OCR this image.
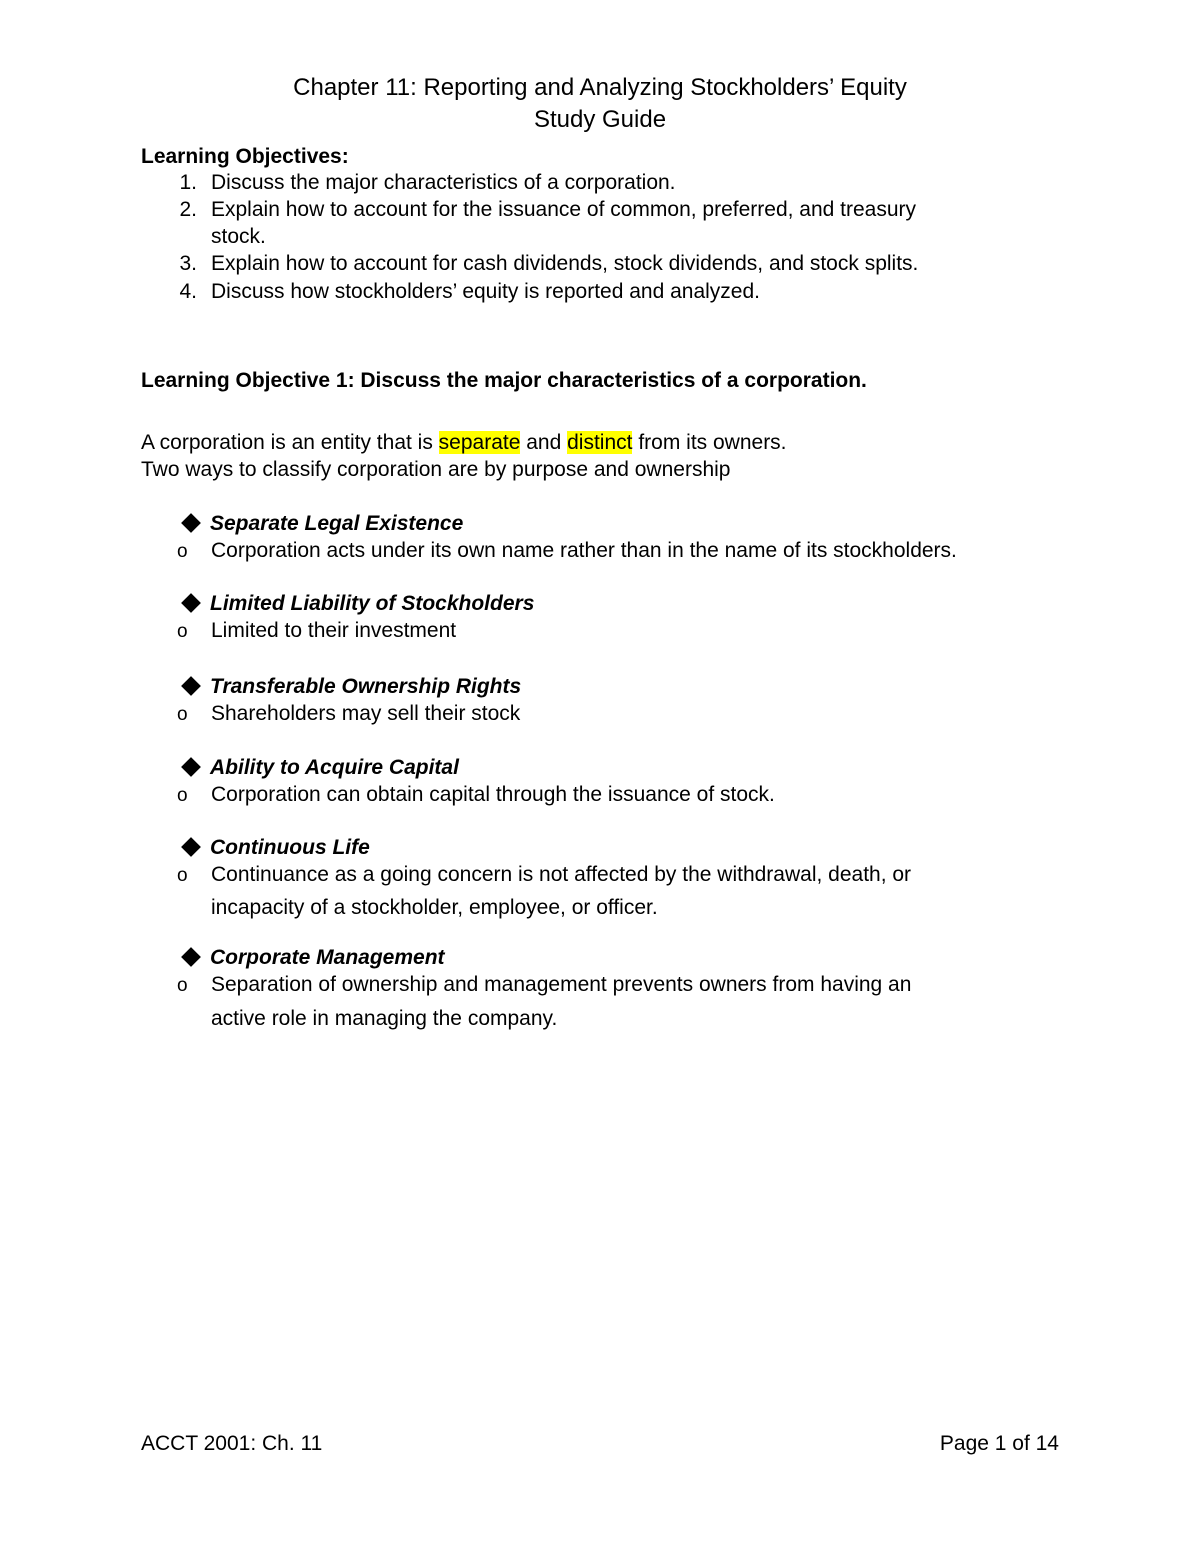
Chapter 11: Reporting and Analyzing Stockholders’ Equity
Study Guide
Learning Objectives:
1. Discuss the major characteristics of a corporation.
2. Explain how to account for the issuance of common, preferred, and treasury
stock.
3. Explain how to account for cash dividends, stock dividends, and stock splits.
4. Discuss how stockholders’ equity is reported and analyzed.
Learning Objective 1: Discuss the major characteristics of a corporation.
A corporation is an entity that is separate and distinct from its owners.
Two ways to classify corporation are by purpose and ownership
Separate Legal Existence
o Corporation acts under its own name rather than in the name of its stockholders.
Limited Liability of Stockholders
o Limited to their investment
Transferable Ownership Rights
o Shareholders may sell their stock
Ability to Acquire Capital
o Corporation can obtain capital through the issuance of stock.
Continuous Life
o Continuance as a going concern is not affected by the withdrawal, death, or
incapacity of a stockholder, employee, or officer.
Corporate Management
o Separation of ownership and management prevents owners from having an
active role in managing the company.
ACCT 2001: Ch. 11	Page 1 of 14
